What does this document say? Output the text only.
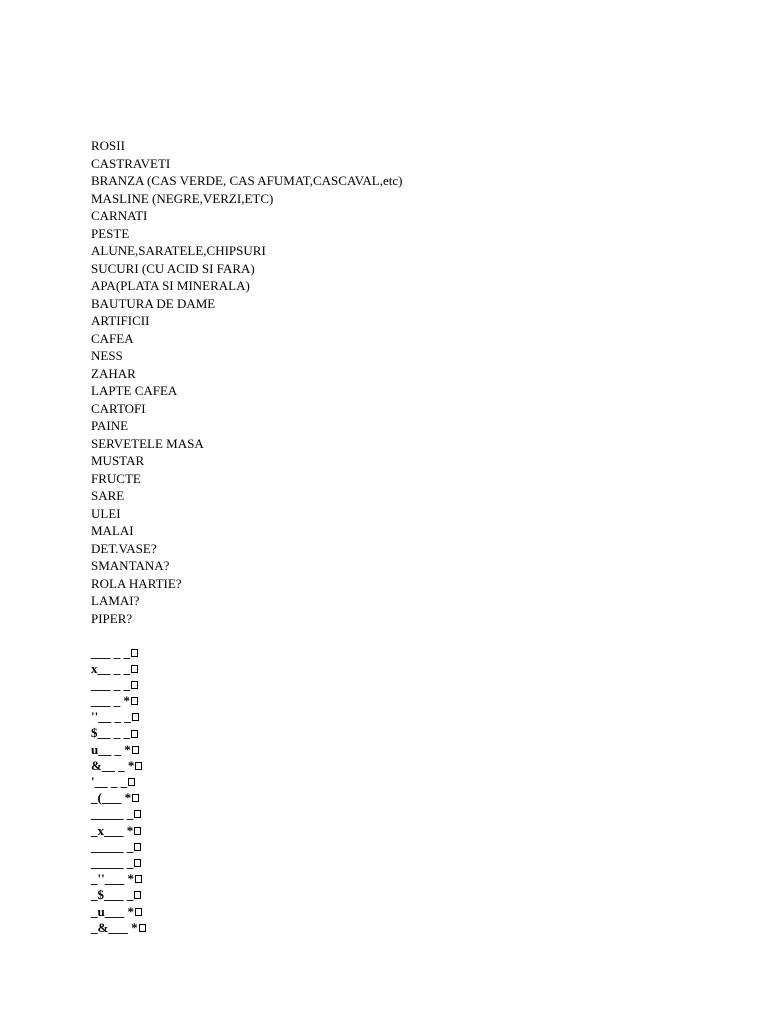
ROSII
CASTRAVETI
BRANZA (CAS VERDE, CAS AFUMAT,CASCAVAL,etc)
MASLINE (NEGRE,VERZI,ETC)
CARNATI
PESTE
ALUNE,SARATELE,CHIPSURI
SUCURI (CU ACID SI FARA)
APA(PLATA SI MINERALA)
BAUTURA DE DAME
ARTIFICII
CAFEA
NESS
ZAHAR
LAPTE CAFEA
CARTOFI
PAINE
SERVETELE MASA
MUSTAR
FRUCTE
SARE
ULEI
MALAI
DET.VASE?
SMANTANA?
ROLA HARTIE?
LAMAI?
PIPER?
___ _ _
x__ _ _
___ _ _
___ _ *
''__ _ _
$__ _ _
u__ _ *
&__ _ *
'__ _ _
_(___ *
_____ _
_x___ *
_____ _
_____ _
_''___ *
_$___ _
_u___ *
_&___ *
